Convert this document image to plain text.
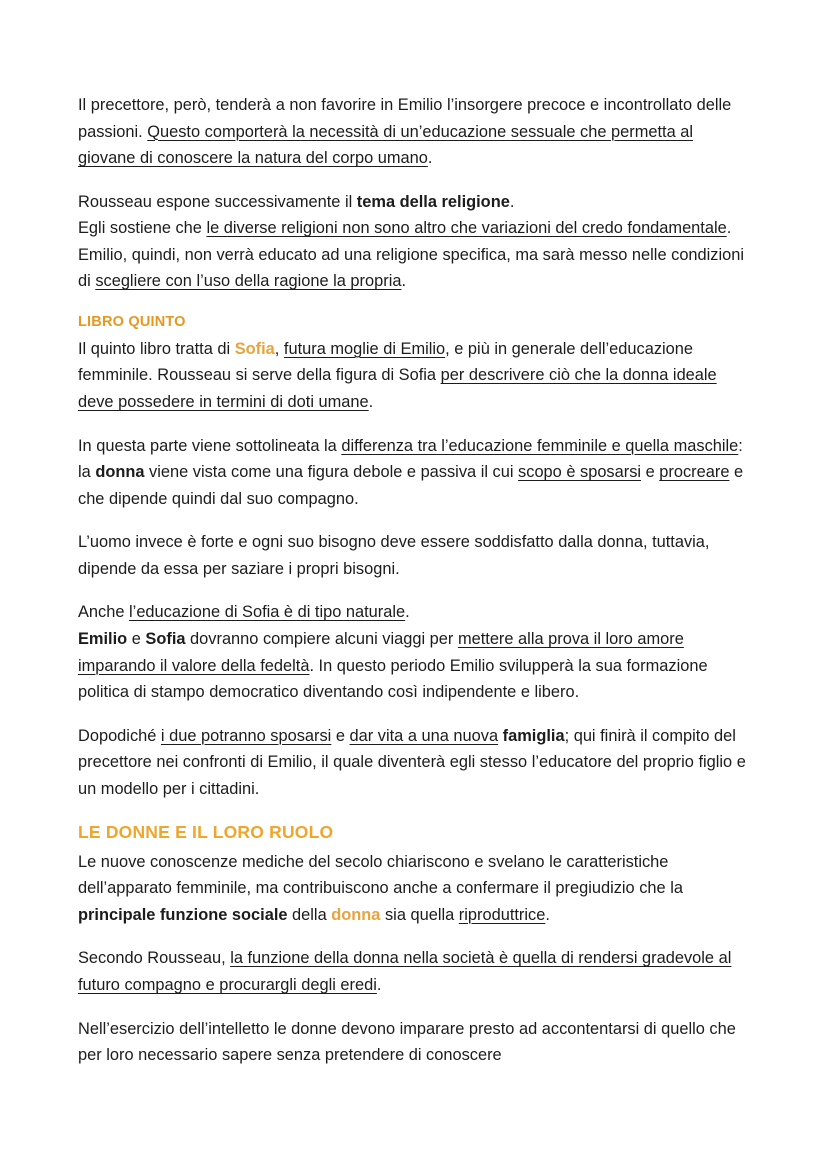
Il precettore, però, tenderà a non favorire in Emilio l’insorgere precoce e incontrollato delle passioni. Questo comporterà la necessità di un’educazione sessuale che permetta al giovane di conoscere la natura del corpo umano.

Rousseau espone successivamente il tema della religione.

Egli sostiene che le diverse religioni non sono altro che variazioni del credo fondamentale. Emilio, quindi, non verrà educato ad una religione specifica, ma sarà messo nelle condizioni di scegliere con l’uso della ragione la propria.

LIBRO QUINTO

Il quinto libro tratta di Sofia, futura moglie di Emilio, e più in generale dell’educazione femminile. Rousseau si serve della figura di Sofia per descrivere ciò che la donna ideale deve possedere in termini di doti umane.

In questa parte viene sottolineata la differenza tra l’educazione femminile e quella maschile: la donna viene vista come una figura debole e passiva il cui scopo è sposarsi e procreare e che dipende quindi dal suo compagno.

L’uomo invece è forte e ogni suo bisogno deve essere soddisfatto dalla donna, tuttavia, dipende da essa per saziare i propri bisogni.

Anche l’educazione di Sofia è di tipo naturale.

Emilio e Sofia dovranno compiere alcuni viaggi per mettere alla prova il loro amore imparando il valore della fedeltà. In questo periodo Emilio svilupperà la sua formazione politica di stampo democratico diventando così indipendente e libero.

Dopodiché i due potranno sposarsi e dar vita a una nuova famiglia; qui finirà il compito del precettore nei confronti di Emilio, il quale diventerà egli stesso l’educatore del proprio figlio e un modello per i cittadini.

LE DONNE E IL LORO RUOLO

Le nuove conoscenze mediche del secolo chiariscono e svelano le caratteristiche dell’apparato femminile, ma contribuiscono anche a confermare il pregiudizio che la principale funzione sociale della donna sia quella riproduttrice.

Secondo Rousseau, la funzione della donna nella società è quella di rendersi gradevole al futuro compagno e procurargli degli eredi.

Nell’esercizio dell’intelletto le donne devono imparare presto ad accontentarsi di quello che per loro necessario sapere senza pretendere di conoscere
